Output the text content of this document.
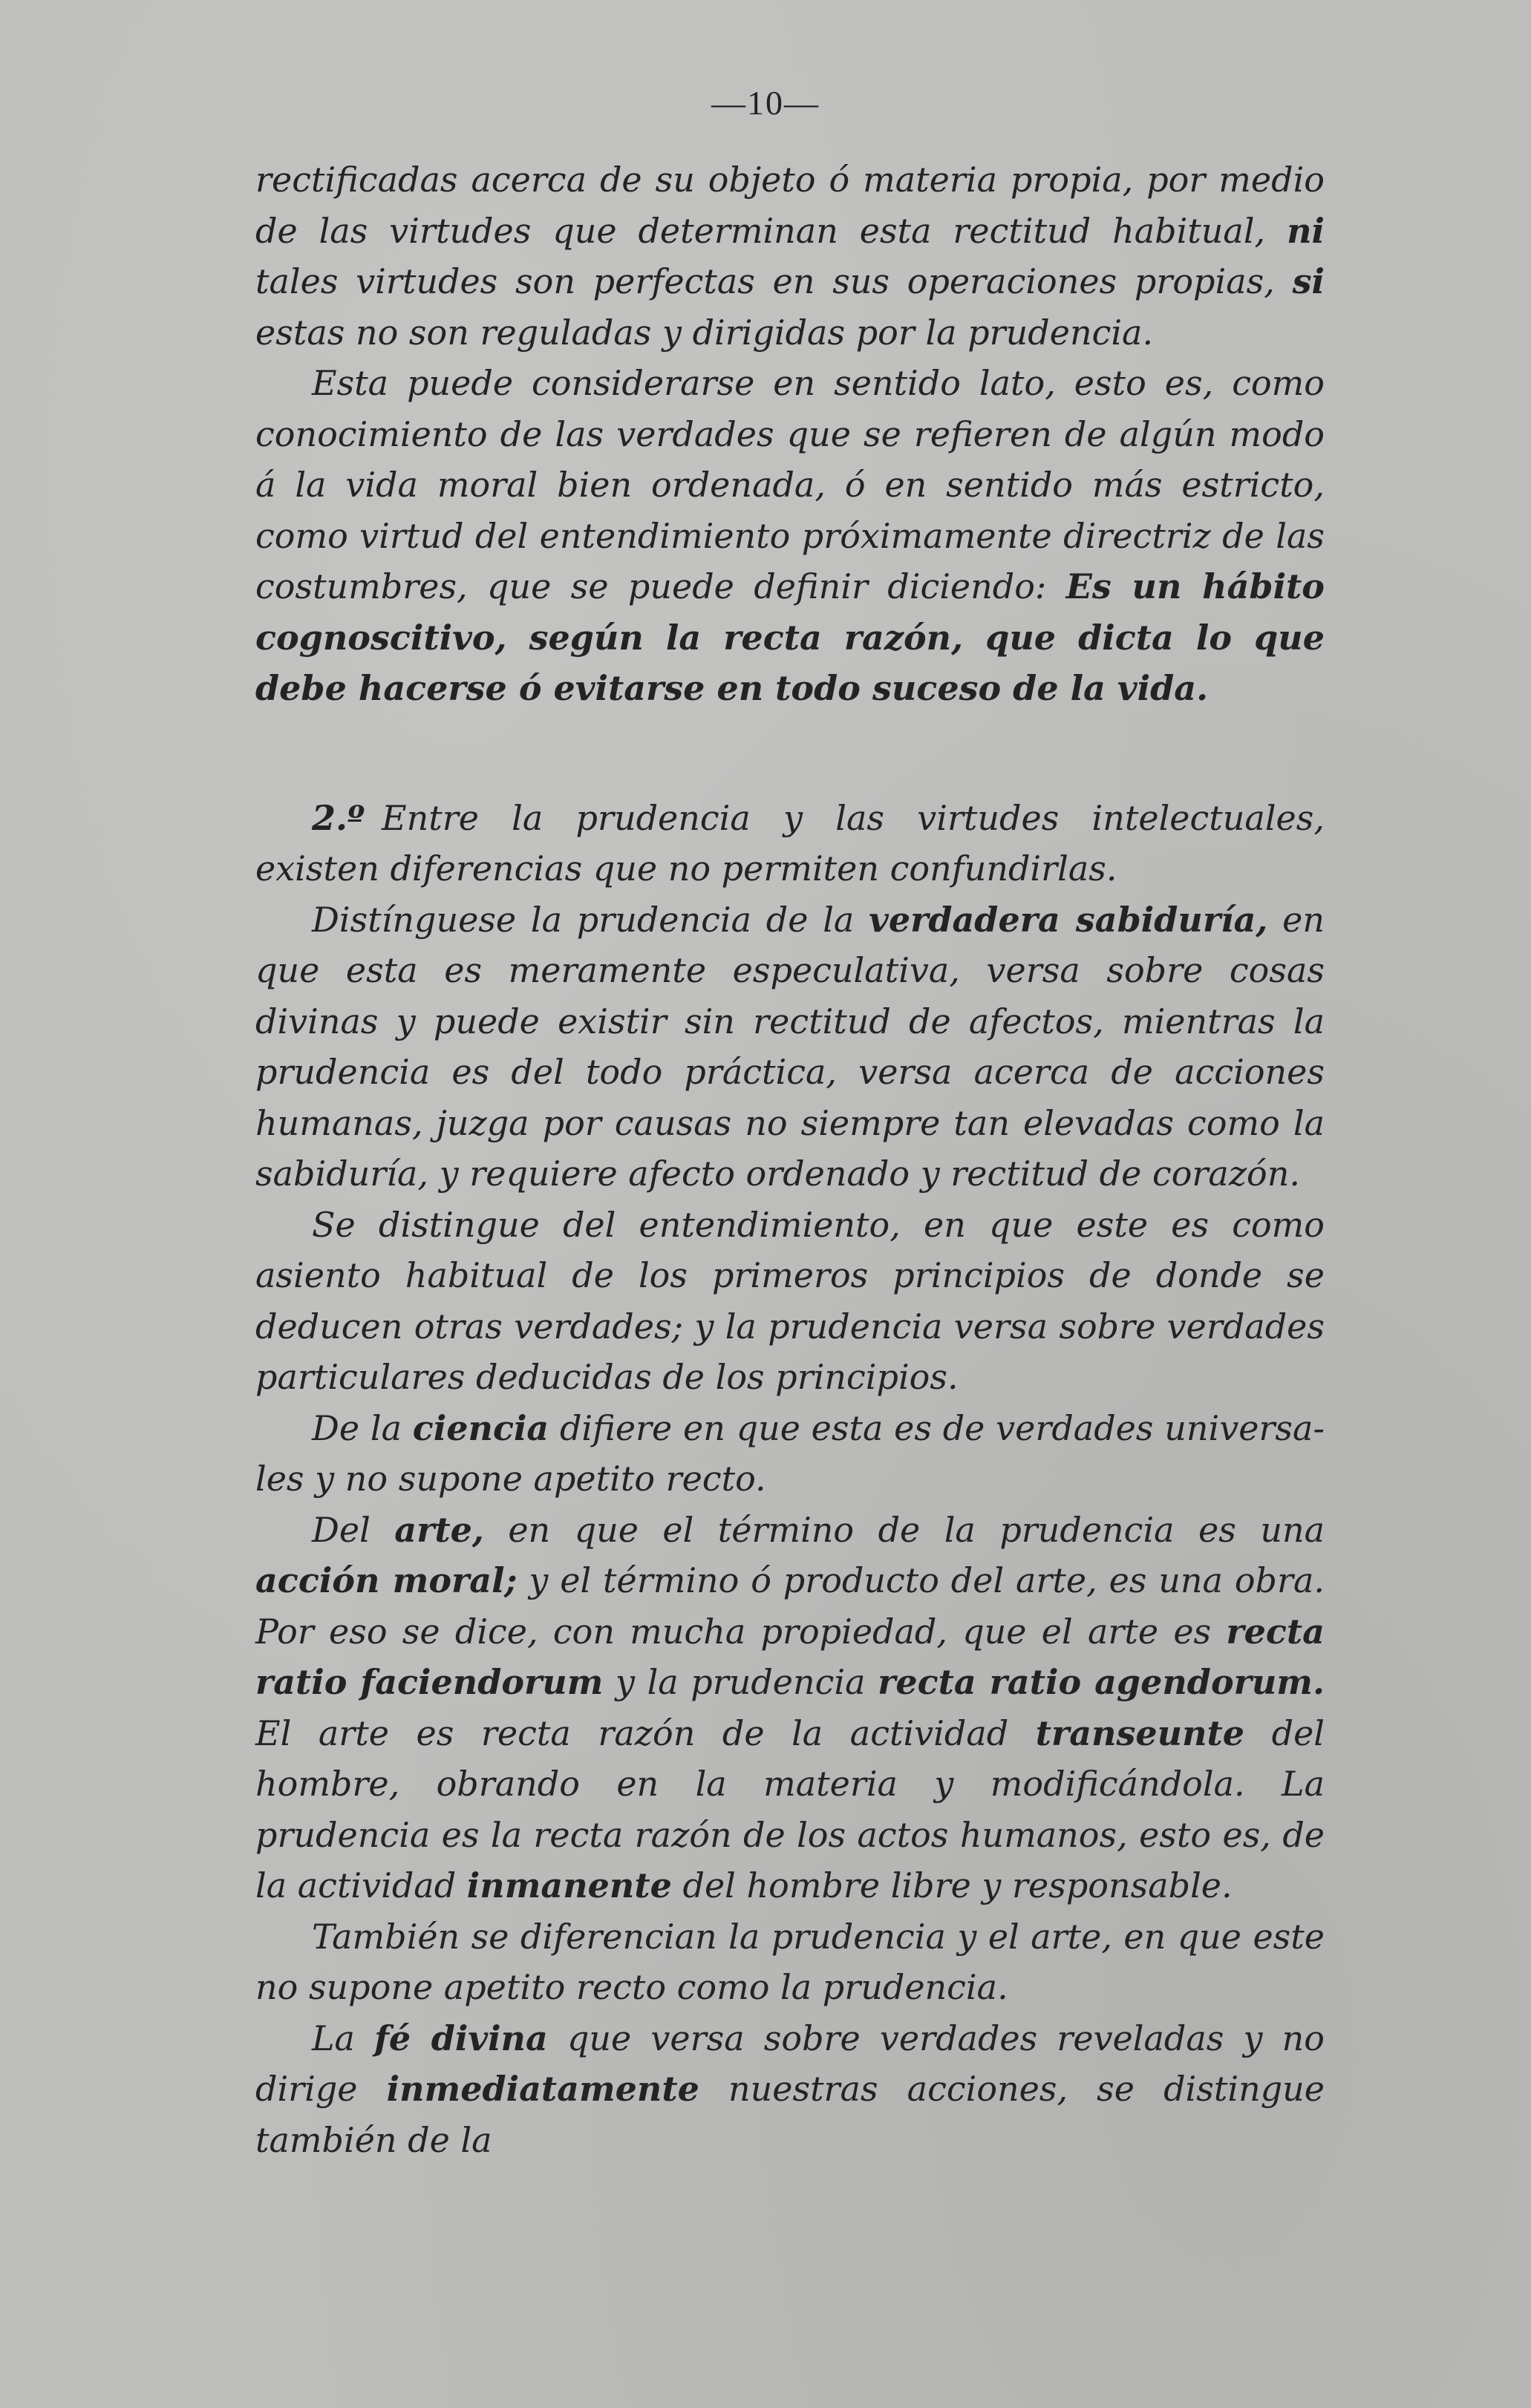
—10—

rectificadas acerca de su objeto ó materia propia, por medio de las virtudes que determinan esta rectitud habitual, ni tales virtudes son perfectas en sus operaciones propias, si estas no son reguladas y dirigidas por la prudencia.

Esta puede considerarse en sentido lato, esto es, como conocimiento de las verdades que se refieren de algún modo á la vida moral bien ordenada, ó en sentido más estricto, como virtud del entendimiento próximamente directriz de las costumbres, que se puede definir diciendo: Es un hábito cognoscitivo, según la recta razón, que dicta lo que debe hacerse ó evitarse en todo suceso de la vida.

2.º Entre la prudencia y las virtudes intelectuales, existen diferencias que no permiten confundirlas.

Distínguese la prudencia de la verdadera sabiduría, en que esta es meramente especulativa, versa sobre cosas divinas y puede existir sin rectitud de afectos, mientras la prudencia es del todo práctica, versa acerca de acciones humanas, juzga por causas no siempre tan elevadas como la sabiduría, y requiere afecto ordenado y rectitud de corazón.

Se distingue del entendimiento, en que este es como asiento habitual de los primeros principios de donde se deducen otras verdades; y la prudencia versa sobre verdades particulares deducidas de los principios.

De la ciencia difiere en que esta es de verdades universales y no supone apetito recto.

Del arte, en que el término de la prudencia es una acción moral; y el término ó producto del arte, es una obra. Por eso se dice, con mucha propiedad, que el arte es recta ratio faciendorum y la prudencia recta ratio agendorum. El arte es recta razón de la actividad transeunte del hombre, obrando en la materia y modificándola. La prudencia es la recta razón de los actos humanos, esto es, de la actividad inmanente del hombre libre y responsable.

También se diferencian la prudencia y el arte, en que este no supone apetito recto como la prudencia.

La fé divina que versa sobre verdades reveladas y no dirige inmediatamente nuestras acciones, se distingue también de la
